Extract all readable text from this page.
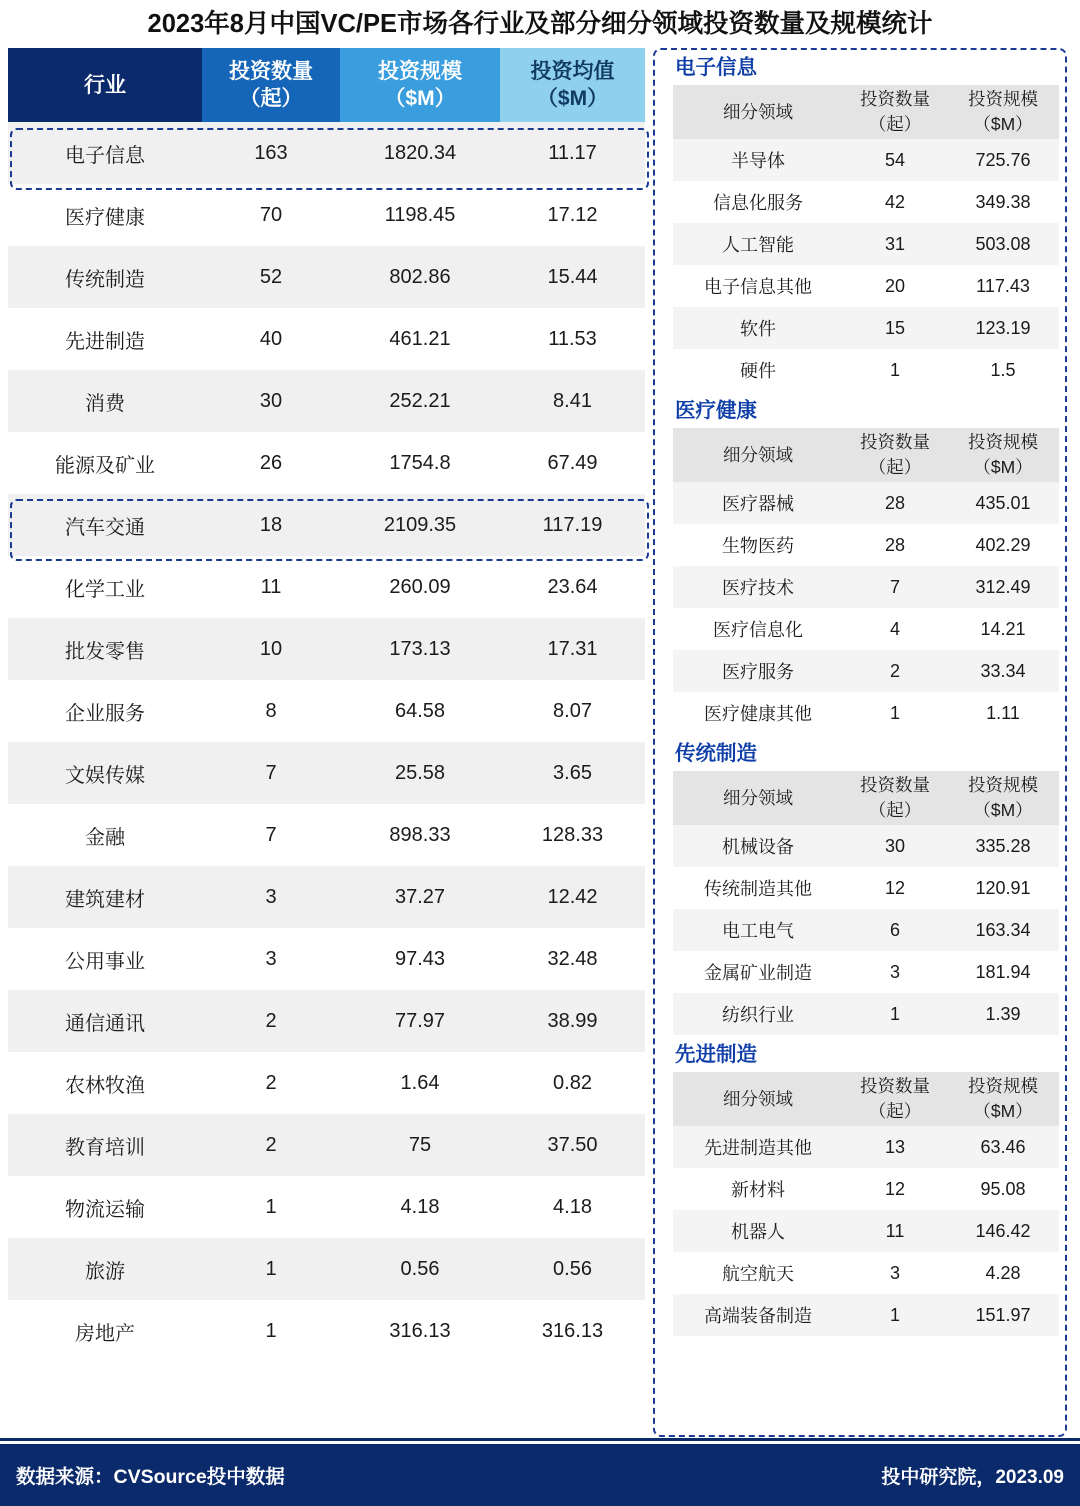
2023年8月中国VC/PE市场各行业及部分细分领域投资数量及规模统计
行业

投资数量
（起）

投资规模
（$M）

投资均值
（$M）

电子信息	163	1820.34	11.17
医疗健康	70	1198.45	17.12
传统制造	52	802.86	15.44
先进制造	40	461.21	11.53
消费	30	252.21	8.41
能源及矿业	26	1754.8	67.49
汽车交通	18	2109.35	117.19
化学工业	11	260.09	23.64
批发零售	10	173.13	17.31
企业服务	8	64.58	8.07
文娱传媒	7	25.58	3.65
金融	7	898.33	128.33
建筑建材	3	37.27	12.42
公用事业	3	97.43	32.48
通信通讯	2	77.97	38.99
农林牧渔	2	1.64	0.82
教育培训	2	75	37.50
物流运输	1	4.18	4.18
旅游	1	0.56	0.56
房地产	1	316.13	316.13
电子信息
细分领域

投资数量
（起）

投资规模
（$M）

半导体	54	725.76
信息化服务	42	349.38
人工智能	31	503.08
电子信息其他	20	117.43
软件	15	123.19
硬件	1	1.5
医疗健康
细分领域

投资数量
（起）

投资规模
（$M）

医疗器械	28	435.01
生物医药	28	402.29
医疗技术	7	312.49
医疗信息化	4	14.21
医疗服务	2	33.34
医疗健康其他	1	1.11
传统制造
细分领域

投资数量
（起）

投资规模
（$M）

机械设备	30	335.28
传统制造其他	12	120.91
电工电气	6	163.34
金属矿业制造	3	181.94
纺织行业	1	1.39
先进制造
细分领域

投资数量
（起）

投资规模
（$M）

先进制造其他	13	63.46
新材料	12	95.08
机器人	11	146.42
航空航天	3	4.28
高端装备制造	1	151.97
数据来源：CVSource投中数据	投中研究院，2023.09
